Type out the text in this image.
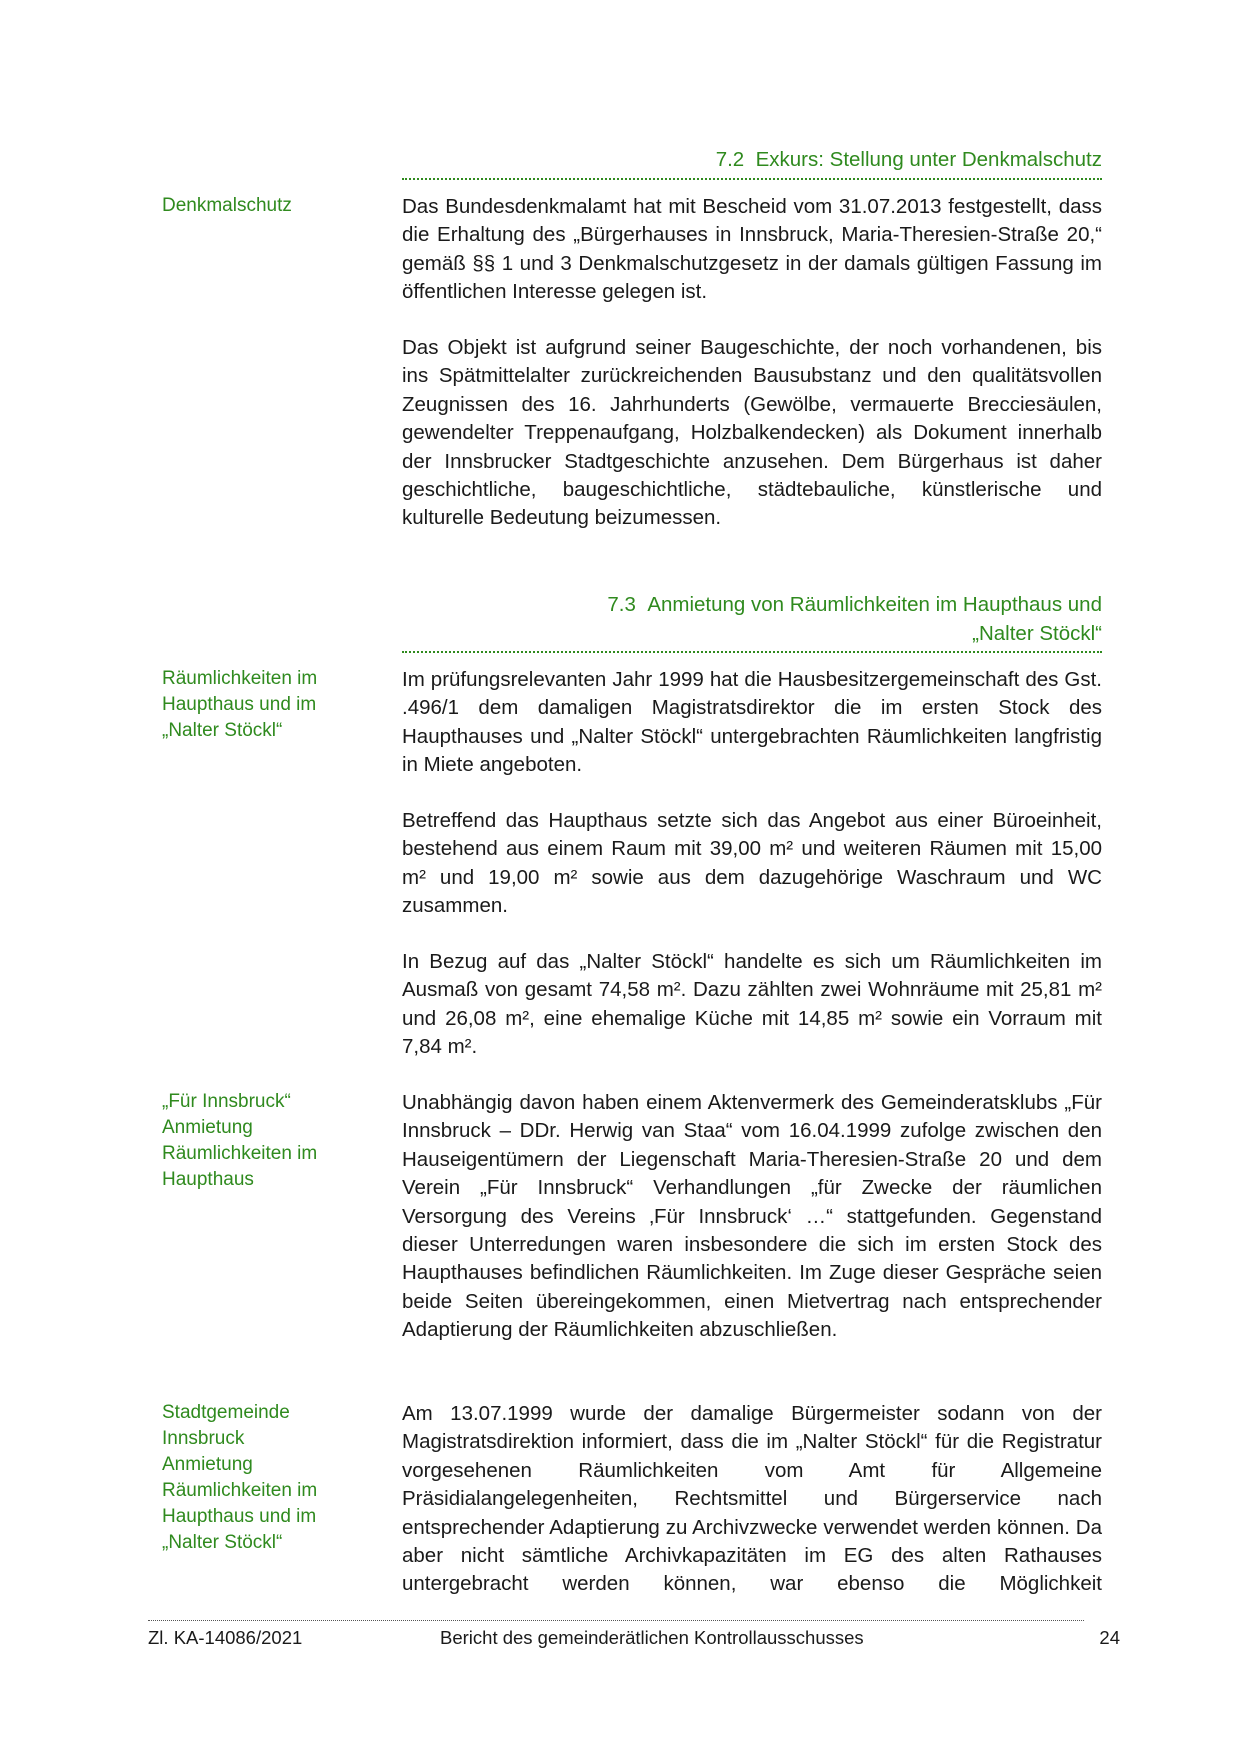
7.2 Exkurs: Stellung unter Denkmalschutz
Denkmalschutz	Das Bundesdenkmalamt hat mit Bescheid vom 31.07.2013 festgestellt, dass die Erhaltung des „Bürgerhauses in Innsbruck, Maria-Theresien-Straße 20,“ gemäß §§ 1 und 3 Denkmalschutzgesetz in der damals gültigen Fassung im öffentlichen Interesse gelegen ist.
Das Objekt ist aufgrund seiner Baugeschichte, der noch vorhandenen, bis ins Spätmittelalter zurückreichenden Bausubstanz und den qualitätsvollen Zeugnissen des 16. Jahrhunderts (Gewölbe, vermauerte Brecciesäulen, gewendelter Treppenaufgang, Holzbalkendecken) als Dokument innerhalb der Innsbrucker Stadtgeschichte anzusehen. Dem Bürgerhaus ist daher geschichtliche, baugeschichtliche, städtebauliche, künstlerische und kulturelle Bedeutung beizumessen.
7.3 Anmietung von Räumlichkeiten im Haupthaus und
„Nalter Stöckl“
Räumlichkeiten im
Haupthaus und im
„Nalter Stöckl“
Im prüfungsrelevanten Jahr 1999 hat die Hausbesitzergemeinschaft des Gst. .496/1 dem damaligen Magistratsdirektor die im ersten Stock des Haupthauses und „Nalter Stöckl“ untergebrachten Räumlichkeiten langfristig in Miete angeboten.
Betreffend das Haupthaus setzte sich das Angebot aus einer Büroeinheit, bestehend aus einem Raum mit 39,00 m² und weiteren Räumen mit 15,00 m² und 19,00 m² sowie aus dem dazugehörige Waschraum und WC zusammen.
In Bezug auf das „Nalter Stöckl“ handelte es sich um Räumlichkeiten im Ausmaß von gesamt 74,58 m². Dazu zählten zwei Wohnräume mit 25,81 m² und 26,08 m², eine ehemalige Küche mit 14,85 m² sowie ein Vorraum mit 7,84 m².
„Für Innsbruck“
Anmietung
Räumlichkeiten im
Haupthaus
Unabhängig davon haben einem Aktenvermerk des Gemeinderatsklubs „Für Innsbruck – DDr. Herwig van Staa“ vom 16.04.1999 zufolge zwischen den Hauseigentümern der Liegenschaft Maria-Theresien-Straße 20 und dem Verein „Für Innsbruck“ Verhandlungen „für Zwecke der räumlichen Versorgung des Vereins ‚Für Innsbruck‘ …“ stattgefunden. Gegenstand dieser Unterredungen waren insbesondere die sich im ersten Stock des Haupthauses befindlichen Räumlichkeiten. Im Zuge dieser Gespräche seien beide Seiten übereingekommen, einen Mietvertrag nach entsprechender Adaptierung der Räumlichkeiten abzuschließen.
Stadtgemeinde
Innsbruck
Anmietung
Räumlichkeiten im
Haupthaus und im
„Nalter Stöckl“
Am 13.07.1999 wurde der damalige Bürgermeister sodann von der Magistratsdirektion informiert, dass die im „Nalter Stöckl“ für die Registratur vorgesehenen Räumlichkeiten vom Amt für Allgemeine Präsidialangelegenheiten, Rechtsmittel und Bürgerservice nach entsprechender Adaptierung zu Archivzwecke verwendet werden können. Da aber nicht sämtliche Archivkapazitäten im EG des alten Rathauses untergebracht werden können, war ebenso die Möglichkeit
Zl. KA-14086/2021	Bericht des gemeinderätlichen Kontrollausschusses	24
